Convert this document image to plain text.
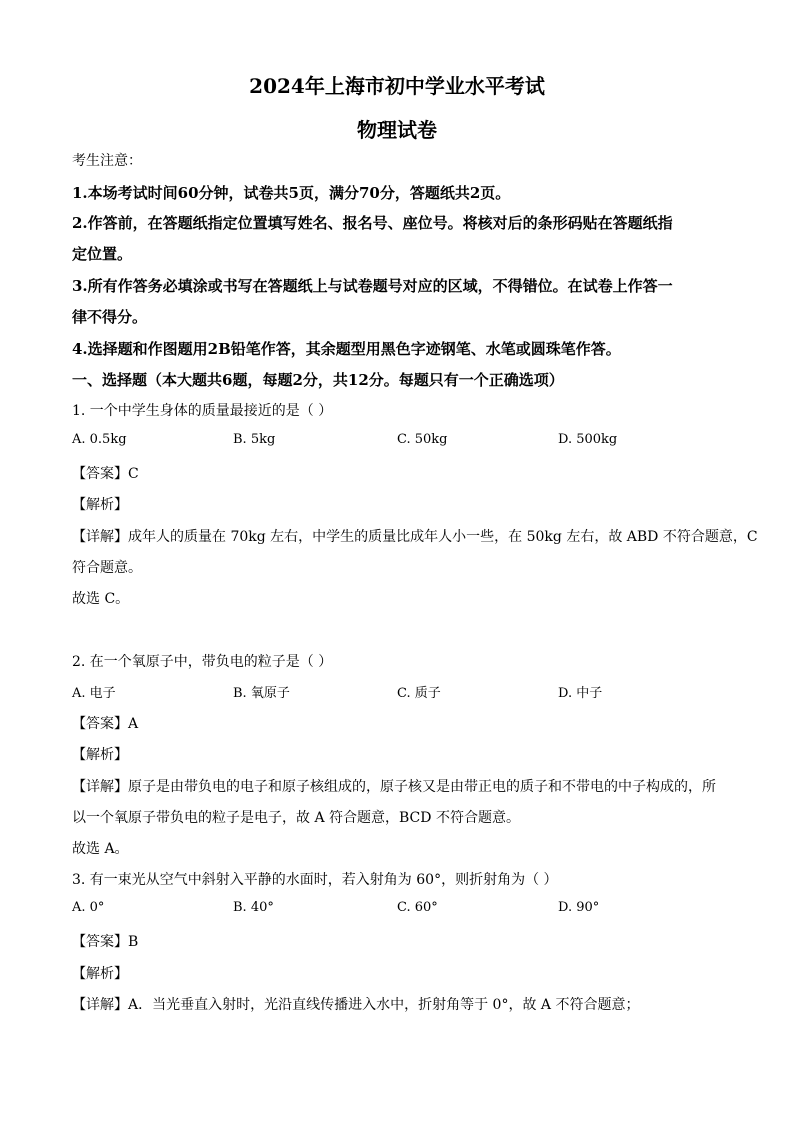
2024年上海市初中学业水平考试
物理试卷
考生注意：
1.本场考试时间60分钟，试卷共5页，满分70分，答题纸共2页。
2.作答前，在答题纸指定位置填写姓名、报名号、座位号。将核对后的条形码贴在答题纸指
定位置。
3.所有作答务必填涂或书写在答题纸上与试卷题号对应的区域，不得错位。在试卷上作答一
律不得分。
4.选择题和作图题用2B铅笔作答，其余题型用黑色字迹钢笔、水笔或圆珠笔作答。
一、选择题（本大题共6题，每题2分，共12分。每题只有一个正确选项）
1. 一个中学生身体的质量最接近的是（ ）
A. 0.5kg	B. 5kg	C. 50kg	D. 500kg
【答案】C
【解析】
【详解】成年人的质量在 70kg 左右，中学生的质量比成年人小一些，在 50kg 左右，故 ABD 不符合题意，C
符合题意。
故选 C。
2. 在一个氧原子中，带负电的粒子是（ ）
A. 电子	B. 氧原子	C. 质子	D. 中子
【答案】A
【解析】
【详解】原子是由带负电的电子和原子核组成的，原子核又是由带正电的质子和不带电的中子构成的，所
以一个氧原子带负电的粒子是电子，故 A 符合题意，BCD 不符合题意。
故选 A。
3. 有一束光从空气中斜射入平静的水面时，若入射角为 60°，则折射角为（ ）
A. 0°	B. 40°	C. 60°	D. 90°
【答案】B
【解析】
【详解】A．当光垂直入射时，光沿直线传播进入水中，折射角等于 0°，故 A 不符合题意；
